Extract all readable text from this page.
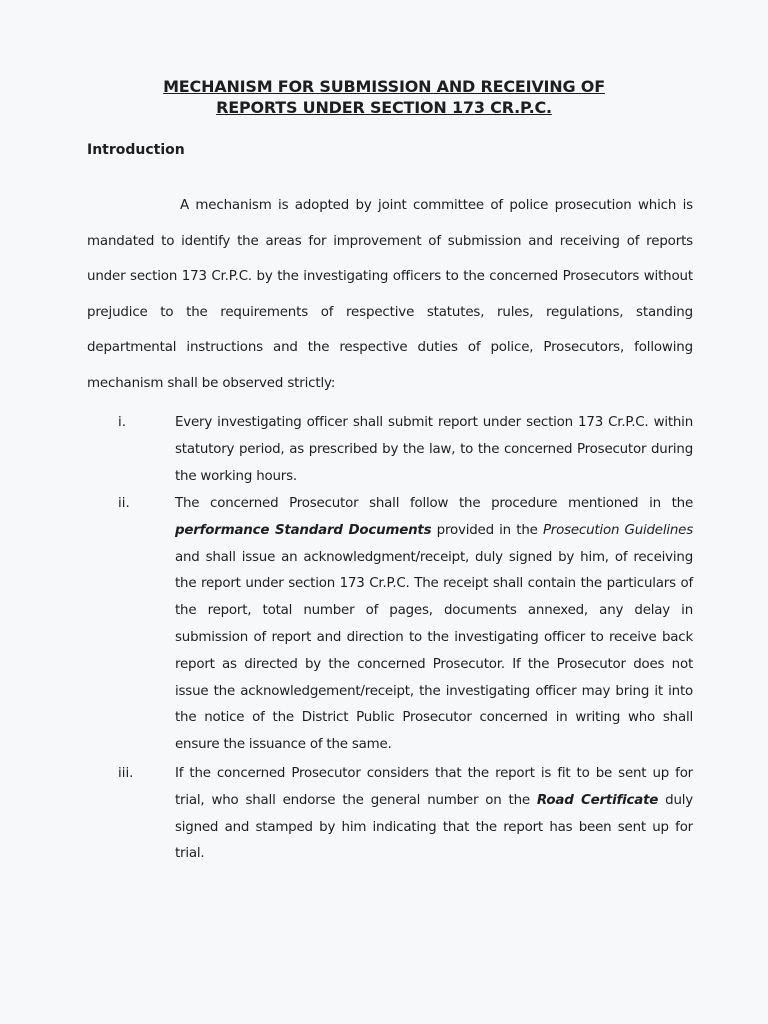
MECHANISM FOR SUBMISSION AND RECEIVING OF
REPORTS UNDER SECTION 173 CR.P.C.
Introduction
A mechanism is adopted by joint committee of police prosecution which is mandated to identify the areas for improvement of submission and receiving of reports under section 173 Cr.P.C. by the investigating officers to the concerned Prosecutors without prejudice to the requirements of respective statutes, rules, regulations, standing departmental instructions and the respective duties of police, Prosecutors, following mechanism shall be observed strictly:
i.	Every investigating officer shall submit report under section 173 Cr.P.C. within statutory period, as prescribed by the law, to the concerned Prosecutor during the working hours.
ii.	The concerned Prosecutor shall follow the procedure mentioned in the performance Standard Documents provided in the Prosecution Guidelines and shall issue an acknowledgment/receipt, duly signed by him, of receiving the report under section 173 Cr.P.C. The receipt shall contain the particulars of the report, total number of pages, documents annexed, any delay in submission of report and direction to the investigating officer to receive back report as directed by the concerned Prosecutor. If the Prosecutor does not issue the acknowledgement/receipt, the investigating officer may bring it into the notice of the District Public Prosecutor concerned in writing who shall ensure the issuance of the same.
iii.	If the concerned Prosecutor considers that the report is fit to be sent up for trial, who shall endorse the general number on the Road Certificate duly signed and stamped by him indicating that the report has been sent up for trial.
